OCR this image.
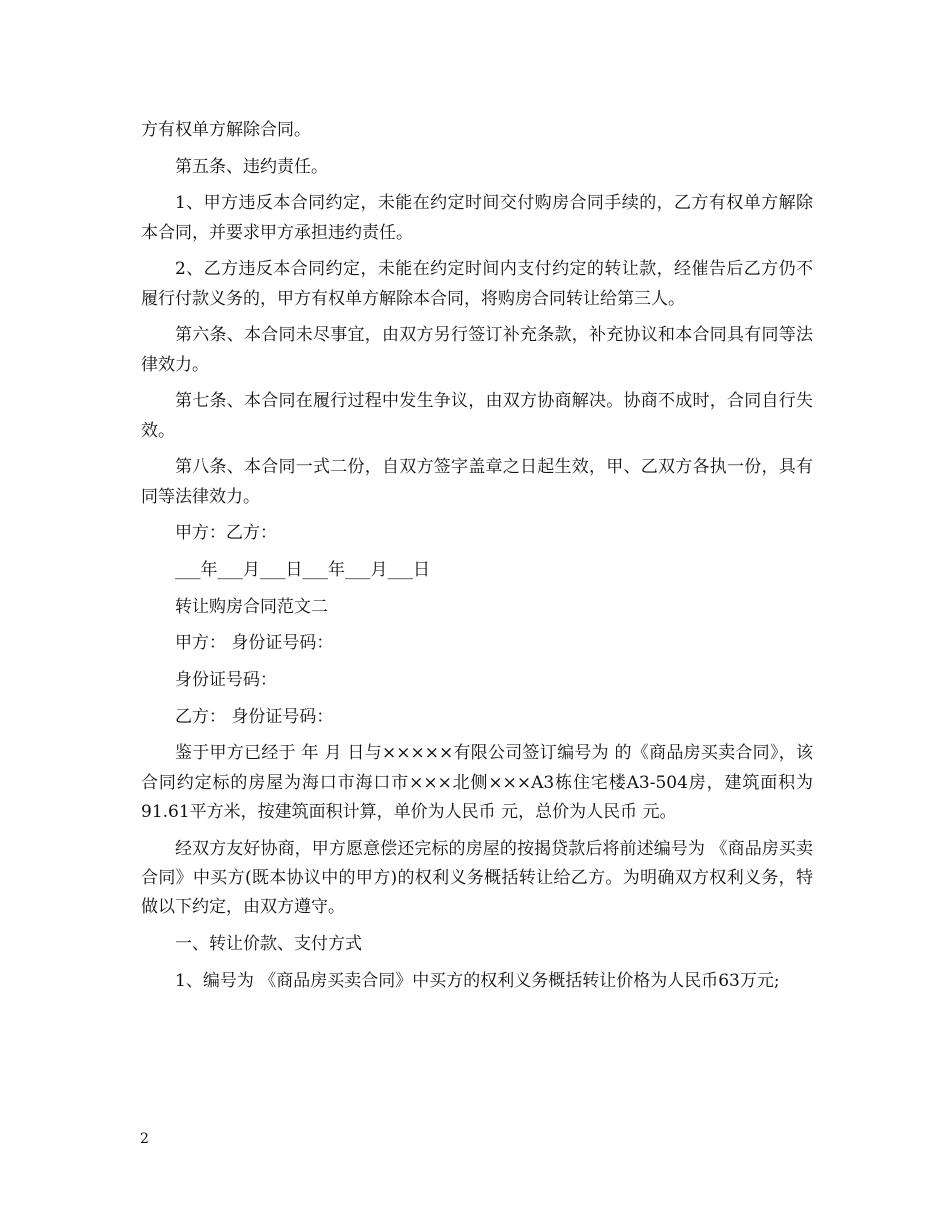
方有权单方解除合同。

第五条、违约责任。

1、甲方违反本合同约定，未能在约定时间交付购房合同手续的，乙方有权单方解除本合同，并要求甲方承担违约责任。

2、乙方违反本合同约定，未能在约定时间内支付约定的转让款，经催告后乙方仍不履行付款义务的，甲方有权单方解除本合同，将购房合同转让给第三人。

第六条、本合同未尽事宜，由双方另行签订补充条款，补充协议和本合同具有同等法律效力。

第七条、本合同在履行过程中发生争议，由双方协商解决。协商不成时，合同自行失效。

第八条、本合同一式二份，自双方签字盖章之日起生效，甲、乙双方各执一份，具有同等法律效力。

甲方：乙方：

___年___月___日___年___月___日

转让购房合同范文二

甲方： 身份证号码：

身份证号码：

乙方： 身份证号码：

鉴于甲方已经于 年 月 日与×××××有限公司签订编号为 的《商品房买卖合同》，该合同约定标的房屋为海口市海口市×××北侧×××A3栋住宅楼A3-504房，建筑面积为91.61平方米，按建筑面积计算，单价为人民币 元，总价为人民币 元。

经双方友好协商，甲方愿意偿还完标的房屋的按揭贷款后将前述编号为 《商品房买卖合同》中买方(既本协议中的甲方)的权利义务概括转让给乙方。为明确双方权利义务，特做以下约定，由双方遵守。

一、转让价款、支付方式

1、编号为 《商品房买卖合同》中买方的权利义务概括转让价格为人民币63万元;

2
